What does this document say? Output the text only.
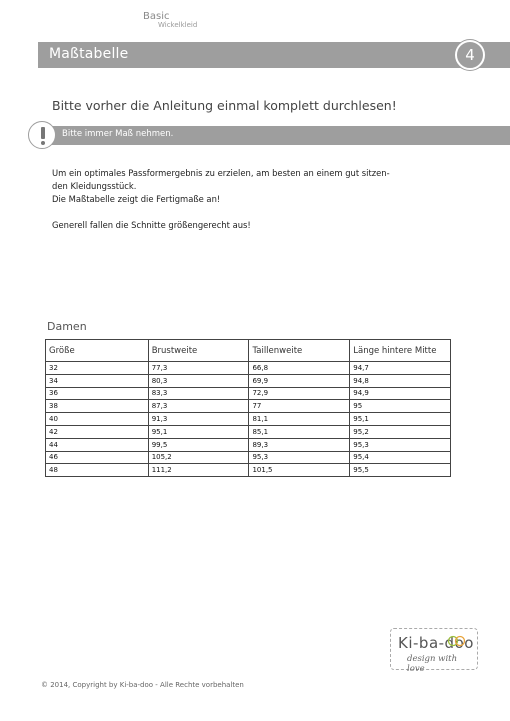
Basic
Wickelkleid
Maßtabelle	4
Bitte vorher die Anleitung einmal komplett durchlesen!
Bitte immer Maß nehmen.

Um ein optimales Passformergebnis zu erzielen, am besten an einem gut sitzen-

den Kleidungsstück.

Die Maßtabelle zeigt die Fertigmaße an!

Generell fallen die Schnitte größengerecht aus!

Damen
Größe	Brustweite	Taillenweite	Länge hintere Mitte
32	77,3	66,8	94,7
34	80,3	69,9	94,8
36	83,3	72,9	94,9
38	87,3	77	95
40	91,3	81,1	95,1
42	95,1	85,1	95,2
44	99,5	89,3	95,3
46	105,2	95,3	95,4
48	111,2	101,5	95,5
Ki-ba-doo
design with love
© 2014, Copyright by Ki-ba-doo - Alle Rechte vorbehalten
